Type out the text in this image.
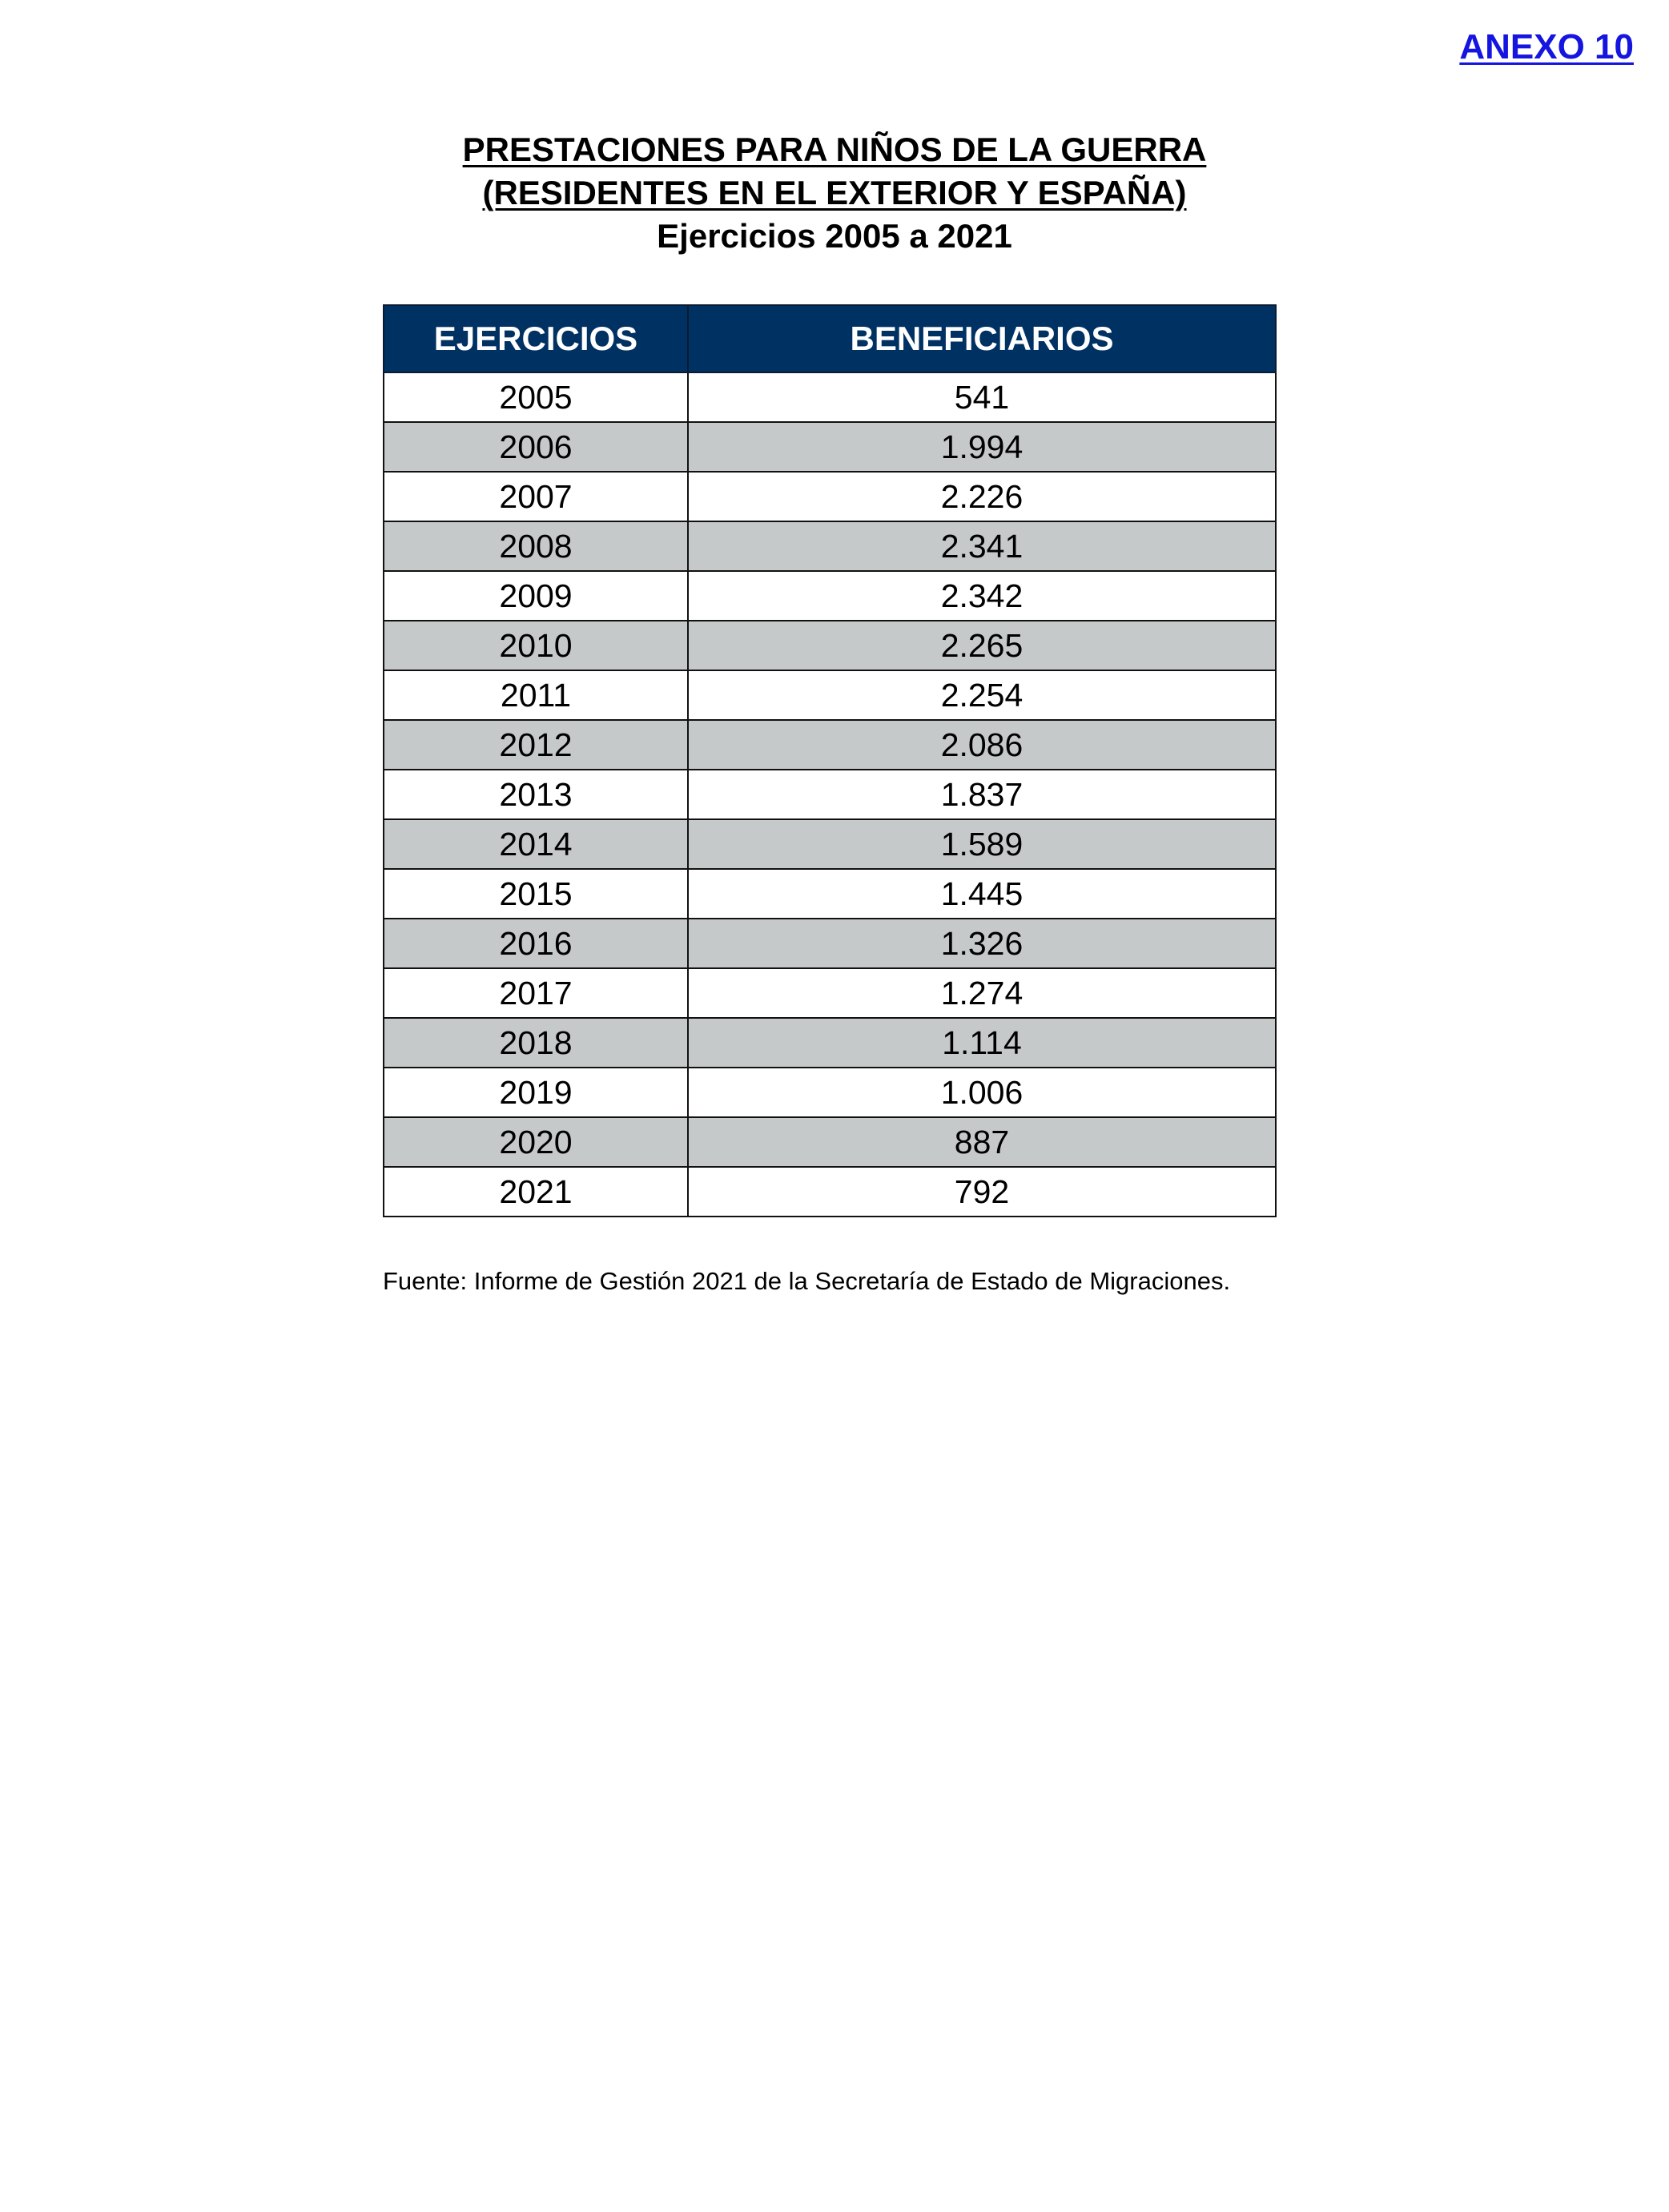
ANEXO 10
PRESTACIONES PARA NIÑOS DE LA GUERRA
(RESIDENTES EN EL EXTERIOR Y ESPAÑA)
Ejercicios 2005 a 2021
EJERCICIOS	BENEFICIARIOS
2005	541
2006	1.994
2007	2.226
2008	2.341
2009	2.342
2010	2.265
2011	2.254
2012	2.086
2013	1.837
2014	1.589
2015	1.445
2016	1.326
2017	1.274
2018	1.114
2019	1.006
2020	887
2021	792
Fuente: Informe de Gestión 2021 de la Secretaría de Estado de Migraciones.
